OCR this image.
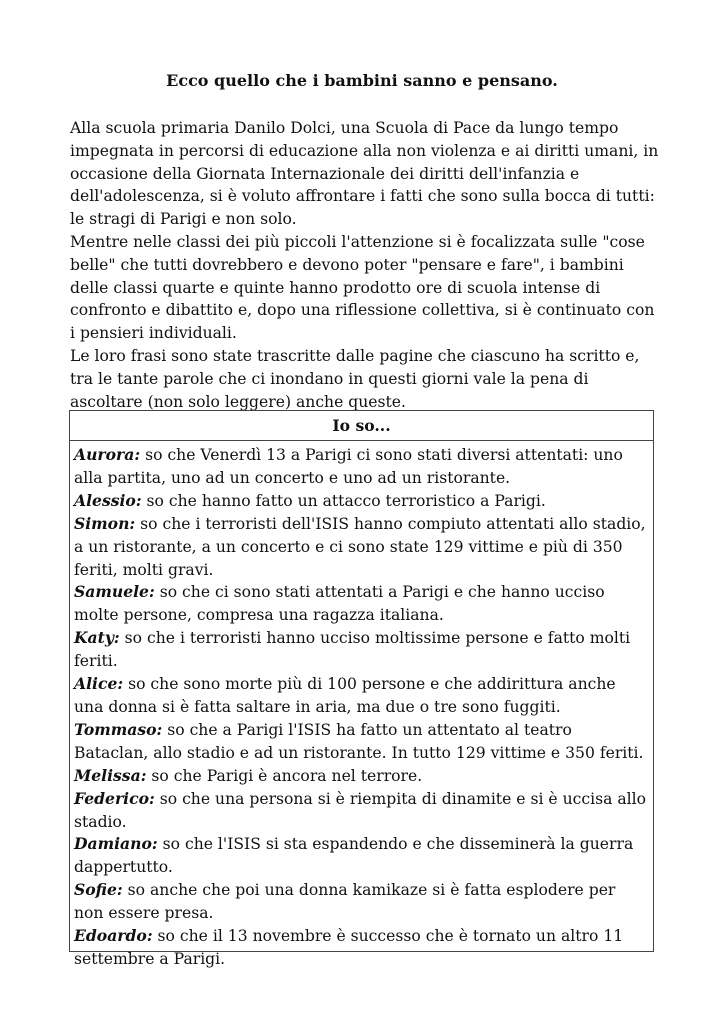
Ecco quello che i bambini sanno e pensano.

Alla scuola primaria Danilo Dolci, una Scuola di Pace da lungo tempo impegnata in percorsi di educazione alla non violenza e ai diritti umani, in occasione della Giornata Internazionale dei diritti dell'infanzia e dell'adolescenza, si è voluto affrontare i fatti che sono sulla bocca di tutti: le stragi di Parigi e non solo.

Mentre nelle classi dei più piccoli l'attenzione si è focalizzata sulle "cose belle" che tutti dovrebbero e devono poter "pensare e fare", i bambini delle classi quarte e quinte hanno prodotto ore di scuola intense di confronto e dibattito e, dopo una riflessione collettiva, si è continuato con i pensieri individuali.

Le loro frasi sono state trascritte dalle pagine che ciascuno ha scritto e, tra le tante parole che ci inondano in questi giorni vale la pena di ascoltare (non solo leggere) anche queste.

Io so...

Aurora: so che Venerdì 13 a Parigi ci sono stati diversi attentati: uno alla partita, uno ad un concerto e uno ad un ristorante.

Alessio: so che hanno fatto un attacco terroristico a Parigi.

Simon: so che i terroristi dell'ISIS hanno compiuto attentati allo stadio, a un ristorante, a un concerto e ci sono state 129 vittime e più di 350 feriti, molti gravi.

Samuele: so che ci sono stati attentati a Parigi e che hanno ucciso molte persone, compresa una ragazza italiana.

Katy: so che i terroristi hanno ucciso moltissime persone e fatto molti feriti.

Alice: so che sono morte più di 100 persone e che addirittura anche una donna si è fatta saltare in aria, ma due o tre sono fuggiti.

Tommaso: so che a Parigi l'ISIS ha fatto un attentato al teatro Bataclan, allo stadio e ad un ristorante. In tutto 129 vittime e 350 feriti.

Melissa: so che Parigi è ancora nel terrore.

Federico: so che una persona si è riempita di dinamite e si è uccisa allo stadio.

Damiano: so che l'ISIS si sta espandendo e che disseminerà la guerra dappertutto.

Sofie: so anche che poi una donna kamikaze si è fatta esplodere per non essere presa.

Edoardo: so che il 13 novembre è successo che è tornato un altro 11 settembre a Parigi.
